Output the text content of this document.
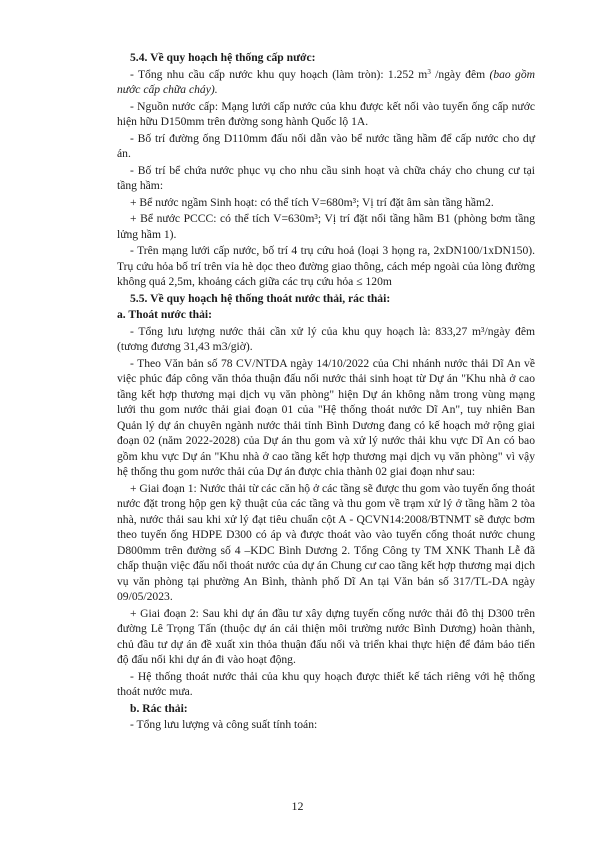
5.4. Về quy hoạch hệ thống cấp nước:

- Tổng nhu cầu cấp nước khu quy hoạch (làm tròn): 1.252 $m^3$ /ngày đêm (bao gồm nước cấp chữa cháy).

- Nguồn nước cấp: Mạng lưới cấp nước của khu được kết nối vào tuyến ống cấp nước hiện hữu D150mm trên đường song hành Quốc lộ 1A.

- Bố trí đường ống D110mm đấu nối dẫn vào bể nước tầng hầm để cấp nước cho dự án.

- Bố trí bể chứa nước phục vụ cho nhu cầu sinh hoạt và chữa cháy cho chung cư tại tầng hầm:

+ Bể nước ngầm Sinh hoạt: có thể tích V=680m³; Vị trí đặt âm sàn tầng hầm2.

+ Bể nước PCCC: có thể tích V=630m³; Vị trí đặt nổi tầng hầm B1 (phòng bơm tầng lửng hầm 1).

- Trên mạng lưới cấp nước, bố trí 4 trụ cứu hoả (loại 3 họng ra, 2xDN100/1xDN150). Trụ cứu hỏa bố trí trên vỉa hè dọc theo đường giao thông, cách mép ngoài của lòng đường không quá 2,5m, khoảng cách giữa các trụ cứu hỏa ≤ 120m

5.5. Về quy hoạch hệ thống thoát nước thải, rác thải:

a. Thoát nước thải:

- Tổng lưu lượng nước thải cần xử lý của khu quy hoạch là: 833,27 m³/ngày đêm (tương đương 31,43 m3/giờ).

- Theo Văn bản số 78 CV/NTDA ngày 14/10/2022 của Chi nhánh nước thải Dĩ An về việc phúc đáp công văn thỏa thuận đấu nối nước thải sinh hoạt từ Dự án "Khu nhà ở cao tầng kết hợp thương mại dịch vụ văn phòng" hiện Dự án không nằm trong vùng mạng lưới thu gom nước thải giai đoạn 01 của "Hệ thống thoát nước Dĩ An", tuy nhiên Ban Quản lý dự án chuyên ngành nước thải tỉnh Bình Dương đang có kế hoạch mở rộng giai đoạn 02 (năm 2022-2028) của Dự án thu gom và xử lý nước thải khu vực Dĩ An có bao gồm khu vực Dự án "Khu nhà ở cao tầng kết hợp thương mại dịch vụ văn phòng" vì vậy hệ thống thu gom nước thải của Dự án được chia thành 02 giai đoạn như sau:

+ Giai đoạn 1: Nước thải từ các căn hộ ở các tầng sẽ được thu gom vào tuyến ống thoát nước đặt trong hộp gen kỹ thuật của các tầng và thu gom về trạm xử lý ở tầng hầm 2 tòa nhà, nước thải sau khi xử lý đạt tiêu chuẩn cột A - QCVN14:2008/BTNMT sẽ được bơm theo tuyến ống HDPE D300 có áp và được thoát vào vào tuyến cống thoát nước chung D800mm trên đường số 4 –KDC Bình Dương 2. Tổng Công ty TM XNK Thanh Lễ đã chấp thuận việc đấu nối thoát nước của dự án Chung cư cao tầng kết hợp thương mại dịch vụ văn phòng tại phường An Bình, thành phố Dĩ An tại Văn bản số 317/TL-DA ngày 09/05/2023.

+ Giai đoạn 2: Sau khi dự án đầu tư xây dựng tuyến cống nước thải đô thị D300 trên đường Lê Trọng Tấn (thuộc dự án cải thiện môi trường nước Bình Dương) hoàn thành, chủ đầu tư dự án đề xuất xin thỏa thuận đấu nối và triển khai thực hiện để đảm bảo tiến độ đấu nối khi dự án đi vào hoạt động.

- Hệ thống thoát nước thải của khu quy hoạch được thiết kế tách riêng với hệ thống thoát nước mưa.

b. Rác thải:

- Tổng lưu lượng và công suất tính toán:

12
